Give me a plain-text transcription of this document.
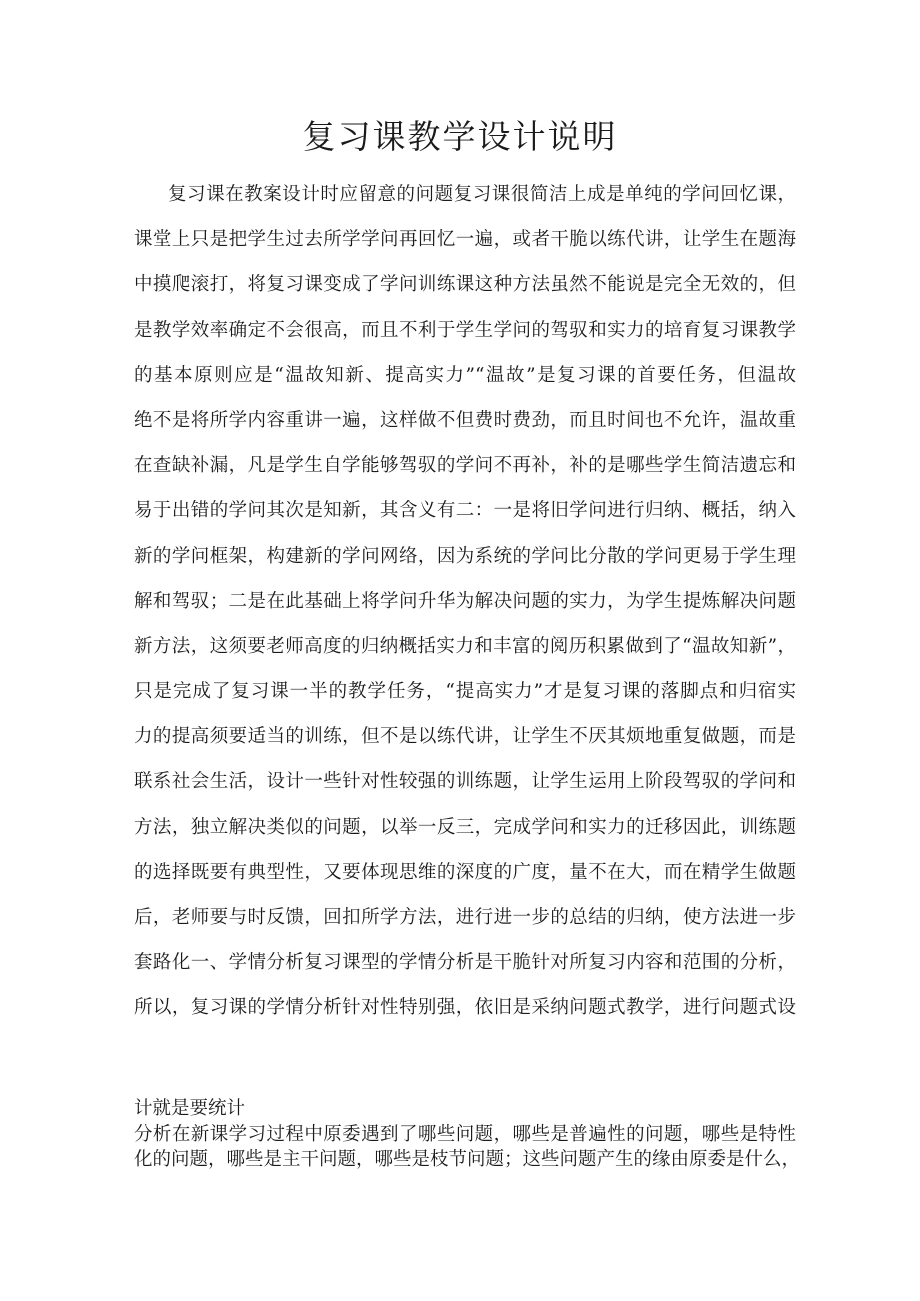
复习课教学设计说明
复习课在教案设计时应留意的问题复习课很简洁上成是单纯的学问回忆课，
课堂上只是把学生过去所学学问再回忆一遍，或者干脆以练代讲，让学生在题海
中摸爬滚打，将复习课变成了学问训练课这种方法虽然不能说是完全无效的，但
是教学效率确定不会很高，而且不利于学生学问的驾驭和实力的培育复习课教学
的基本原则应是“温故知新、提高实力”“温故”是复习课的首要任务，但温故
绝不是将所学内容重讲一遍，这样做不但费时费劲，而且时间也不允许，温故重
在查缺补漏，凡是学生自学能够驾驭的学问不再补，补的是哪些学生简洁遗忘和
易于出错的学问其次是知新，其含义有二：一是将旧学问进行归纳、概括，纳入
新的学问框架，构建新的学问网络，因为系统的学问比分散的学问更易于学生理
解和驾驭；二是在此基础上将学问升华为解决问题的实力，为学生提炼解决问题
新方法，这须要老师高度的归纳概括实力和丰富的阅历积累做到了“温故知新”，
只是完成了复习课一半的教学任务，“提高实力”才是复习课的落脚点和归宿实
力的提高须要适当的训练，但不是以练代讲，让学生不厌其烦地重复做题，而是
联系社会生活，设计一些针对性较强的训练题，让学生运用上阶段驾驭的学问和
方法，独立解决类似的问题，以举一反三，完成学问和实力的迁移因此，训练题
的选择既要有典型性，又要体现思维的深度的广度，量不在大，而在精学生做题
后，老师要与时反馈，回扣所学方法，进行进一步的总结的归纳，使方法进一步
套路化一、学情分析复习课型的学情分析是干脆针对所复习内容和范围的分析，
所以，复习课的学情分析针对性特别强，依旧是采纳问题式教学，进行问题式设
计就是要统计
分析在新课学习过程中原委遇到了哪些问题，哪些是普遍性的问题，哪些是特性
化的问题，哪些是主干问题，哪些是枝节问题；这些问题产生的缘由原委是什么，
